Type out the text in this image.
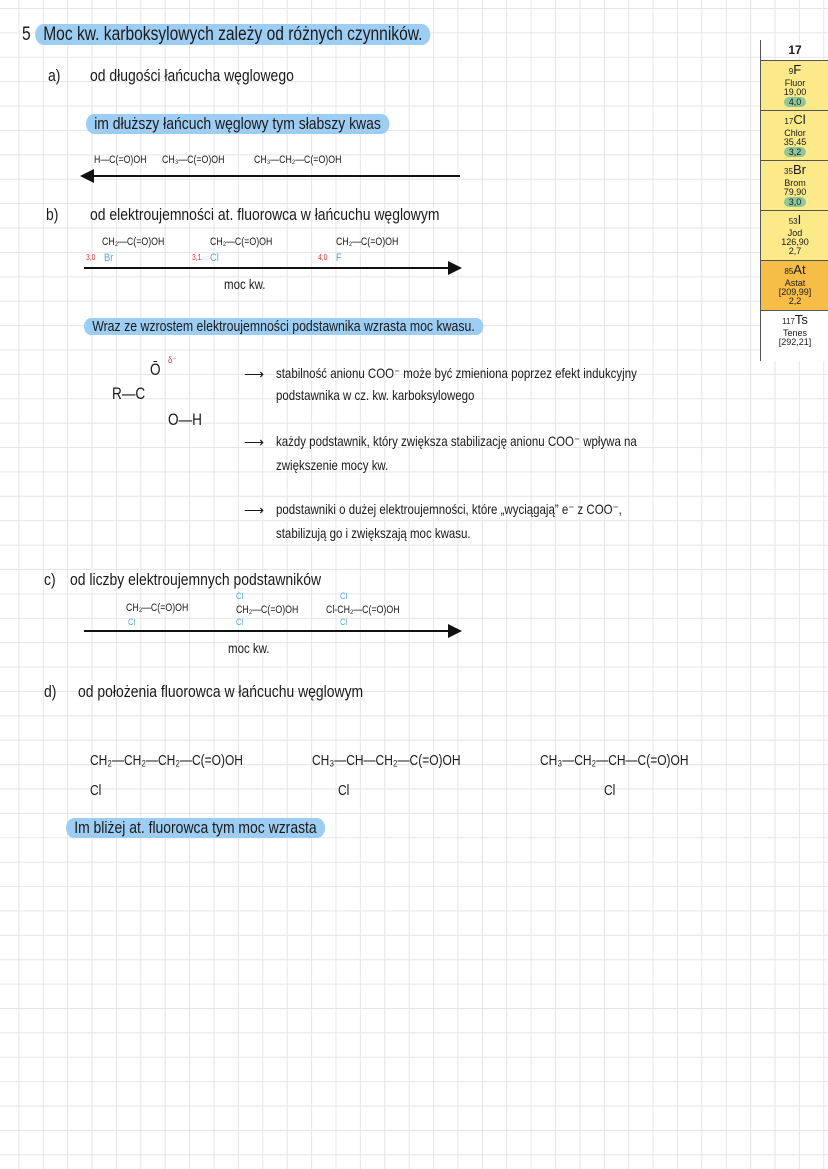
5 Moc kw. karboksylowych zależy od różnych czynników.
a) od długości łańcucha węglowego
im dłuższy łańcuch węglowy tym słabszy kwas
H—C(=O)OH CH₃—C(=O)OH	CH₃—CH₂—C(=O)OH
b) od elektroujemności at. fluorowca w łańcuchu węglowym
CH₂—C(=O)OH	CH₂—C(=O)OH	CH₂—C(=O)OH
3,0 Br	3,1 Cl	4,0 F
moc kw.
Wraz ze wzrostem elektroujemności podstawnika wzrasta moc kwasu.
R—C
Ō δ⁻
O—H
⟶ stabilność anionu COO⁻ może być zmieniona poprzez efekt indukcyjny
podstawnika w cz. kw. karboksylowego
⟶ każdy podstawnik, który zwiększa stabilizację anionu COO⁻ wpływa na
zwiększenie mocy kw.
⟶ podstawniki o dużej elektroujemności, które „wyciągają” e⁻ z COO⁻,
stabilizują go i zwiększają moc kwasu.
c) od liczby elektroujemnych podstawników
CH₂—C(=O)OH	CH₂—C(=O)OH	Cl-CH₂—C(=O)OH
Cl
Cl
Cl
Cl
Cl
moc kw.
d) od położenia fluorowca w łańcuchu węglowym
CH₂—CH₂—CH₂—C(=O)OH
Cl
CH₃—CH—CH₂—C(=O)OH
Cl
CH₃—CH₂—CH—C(=O)OH
Cl
Im bliżej at. fluorowca tym moc wzrasta
17
9F
Fluor
19,00
4,0
17Cl
Chlor
35,45
3,2
35Br
Brom
79,90
3,0
53I
Jod
126,90
2,7
85At
Astat
[209,99]
2,2
117Ts
Tenes
[292,21]
